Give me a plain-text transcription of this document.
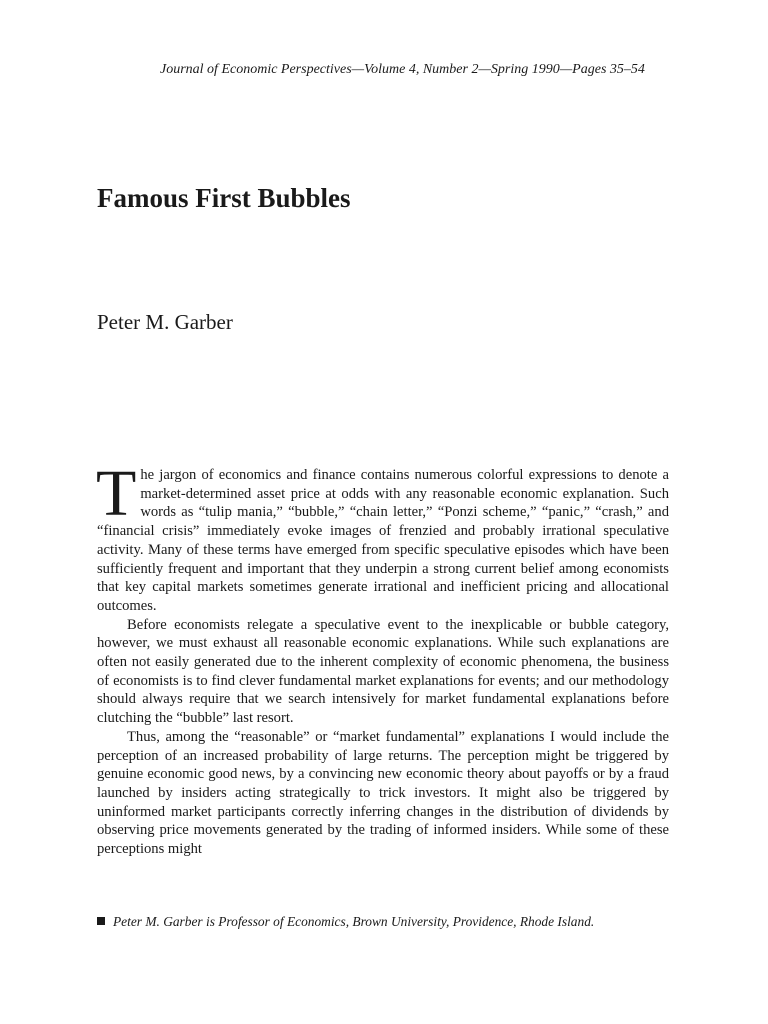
Journal of Economic Perspectives—Volume 4, Number 2—Spring 1990—Pages 35–54
Famous First Bubbles
Peter M. Garber

The jargon of economics and finance contains numerous colorful expressions to denote a market-determined asset price at odds with any reasonable economic explanation. Such words as “tulip mania,” “bubble,” “chain letter,” “Ponzi scheme,” “panic,” “crash,” and “financial crisis” immediately evoke images of frenzied and probably irrational speculative activity. Many of these terms have emerged from specific speculative episodes which have been sufficiently frequent and important that they underpin a strong current belief among economists that key capital markets sometimes generate irrational and inefficient pricing and allocational outcomes.

Before economists relegate a speculative event to the inexplicable or bubble category, however, we must exhaust all reasonable economic explanations. While such explanations are often not easily generated due to the inherent complexity of economic phenomena, the business of economists is to find clever fundamental market explanations for events; and our methodology should always require that we search intensively for market fundamental explanations before clutching the “bubble” last resort.

Thus, among the “reasonable” or “market fundamental” explanations I would include the perception of an increased probability of large returns. The perception might be triggered by genuine economic good news, by a convincing new economic theory about payoffs or by a fraud launched by insiders acting strategically to trick investors. It might also be triggered by uninformed market participants correctly inferring changes in the distribution of dividends by observing price movements generated by the trading of informed insiders. While some of these perceptions might

Peter M. Garber is Professor of Economics, Brown University, Providence, Rhode Island.
